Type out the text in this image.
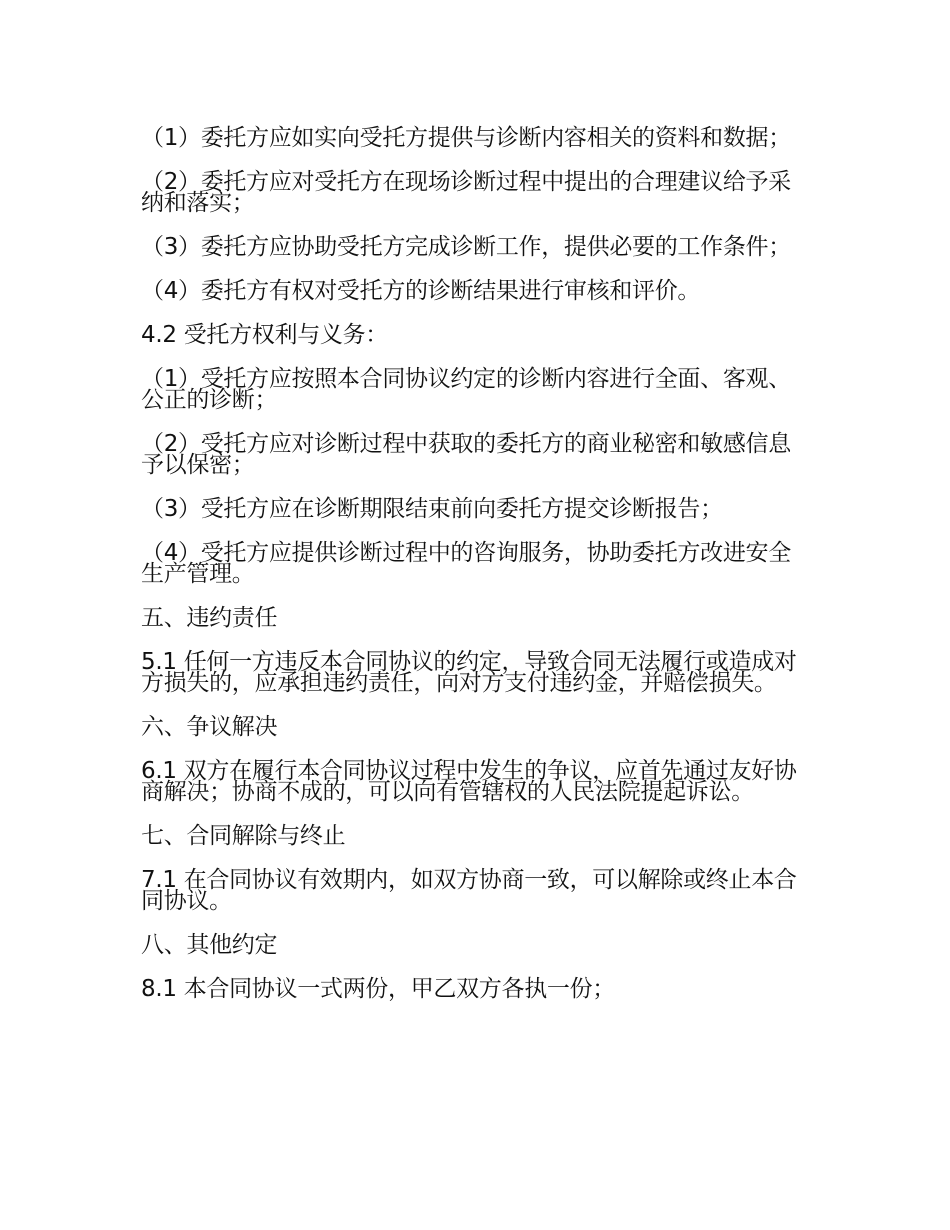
（1）委托方应如实向受托方提供与诊断内容相关的资料和数据；

（2）委托方应对受托方在现场诊断过程中提出的合理建议给予采纳和落实；

（3）委托方应协助受托方完成诊断工作，提供必要的工作条件；

（4）委托方有权对受托方的诊断结果进行审核和评价。

4.2 受托方权利与义务：

（1）受托方应按照本合同协议约定的诊断内容进行全面、客观、公正的诊断；

（2）受托方应对诊断过程中获取的委托方的商业秘密和敏感信息予以保密；

（3）受托方应在诊断期限结束前向委托方提交诊断报告；

（4）受托方应提供诊断过程中的咨询服务，协助委托方改进安全生产管理。

五、违约责任

5.1 任何一方违反本合同协议的约定，导致合同无法履行或造成对方损失的，应承担违约责任，向对方支付违约金，并赔偿损失。

六、争议解决

6.1 双方在履行本合同协议过程中发生的争议，应首先通过友好协商解决；协商不成的，可以向有管辖权的人民法院提起诉讼。

七、合同解除与终止

7.1 在合同协议有效期内，如双方协商一致，可以解除或终止本合同协议。

八、其他约定

8.1 本合同协议一式两份，甲乙双方各执一份；
